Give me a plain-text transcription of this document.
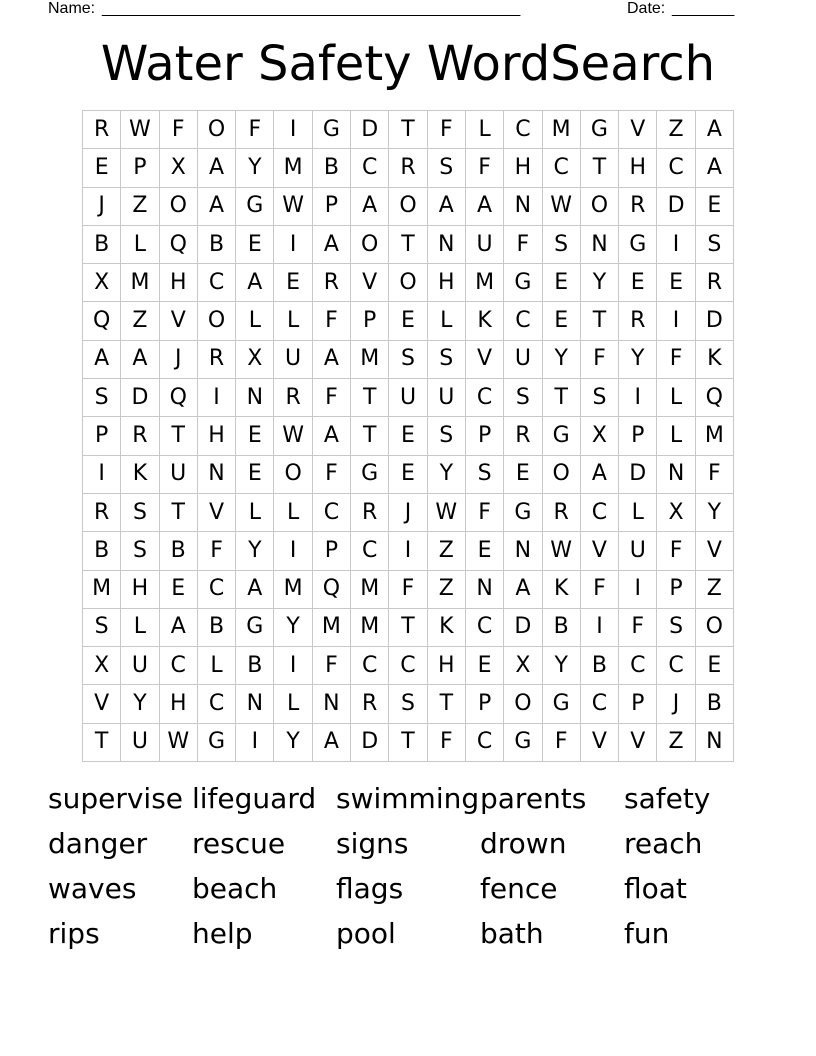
Name: _______________________________________________	Date: _______
Water Safety WordSearch
R W F	O	F	I	G D	T	F	L	C M G	V	Z	A
E	P	X	A	Y	M B	C	R	S	F	H	C	T	H	C	A
J	Z	O	A	G W P	A	O	A	A	N W O R	D	E
B	L	Q	B	E	I	A	O	T	N	U	F	S	N G	I	S
X M H	C	A	E	R	V	O H M G	E	Y	E	E	R
Q	Z	V	O	L	L	F	P	E	L	K	C	E	T	R	I	D
A	A	J	R	X	U	A M S	S	V	U	Y	F	Y	F	K
S	D Q	I	N	R	F	T	U	U	C	S	T	S	I	L	Q
P	R	T	H	E W A	T	E	S	P	R	G	X	P	L	M
I	K	U	N	E	O	F	G	E	Y	S	E	O	A	D N	F
R	S	T	V	L	L	C	R	J	W F	G	R	C	L	X	Y
B	S	B	F	Y	I	P	C	I	Z	E	N W V	U	F	V
M H	E	C	A M Q M	F	Z	N	A	K	F	I	P	Z
S	L	A	B	G	Y	M M	T	K	C	D	B	I	F	S	O
X	U	C	L	B	I	F	C	C	H	E	X	Y	B	C	C	E
V	Y	H	C	N	L	N	R	S	T	P	O G	C	P	J	B
T	U W G	I	Y	A	D	T	F	C	G	F	V	V	Z	N
supervise lifeguard swimming parents	safety
danger	rescue	signs	drown	reach
waves	beach	flags	fence	float
rips	help	pool	bath	fun
